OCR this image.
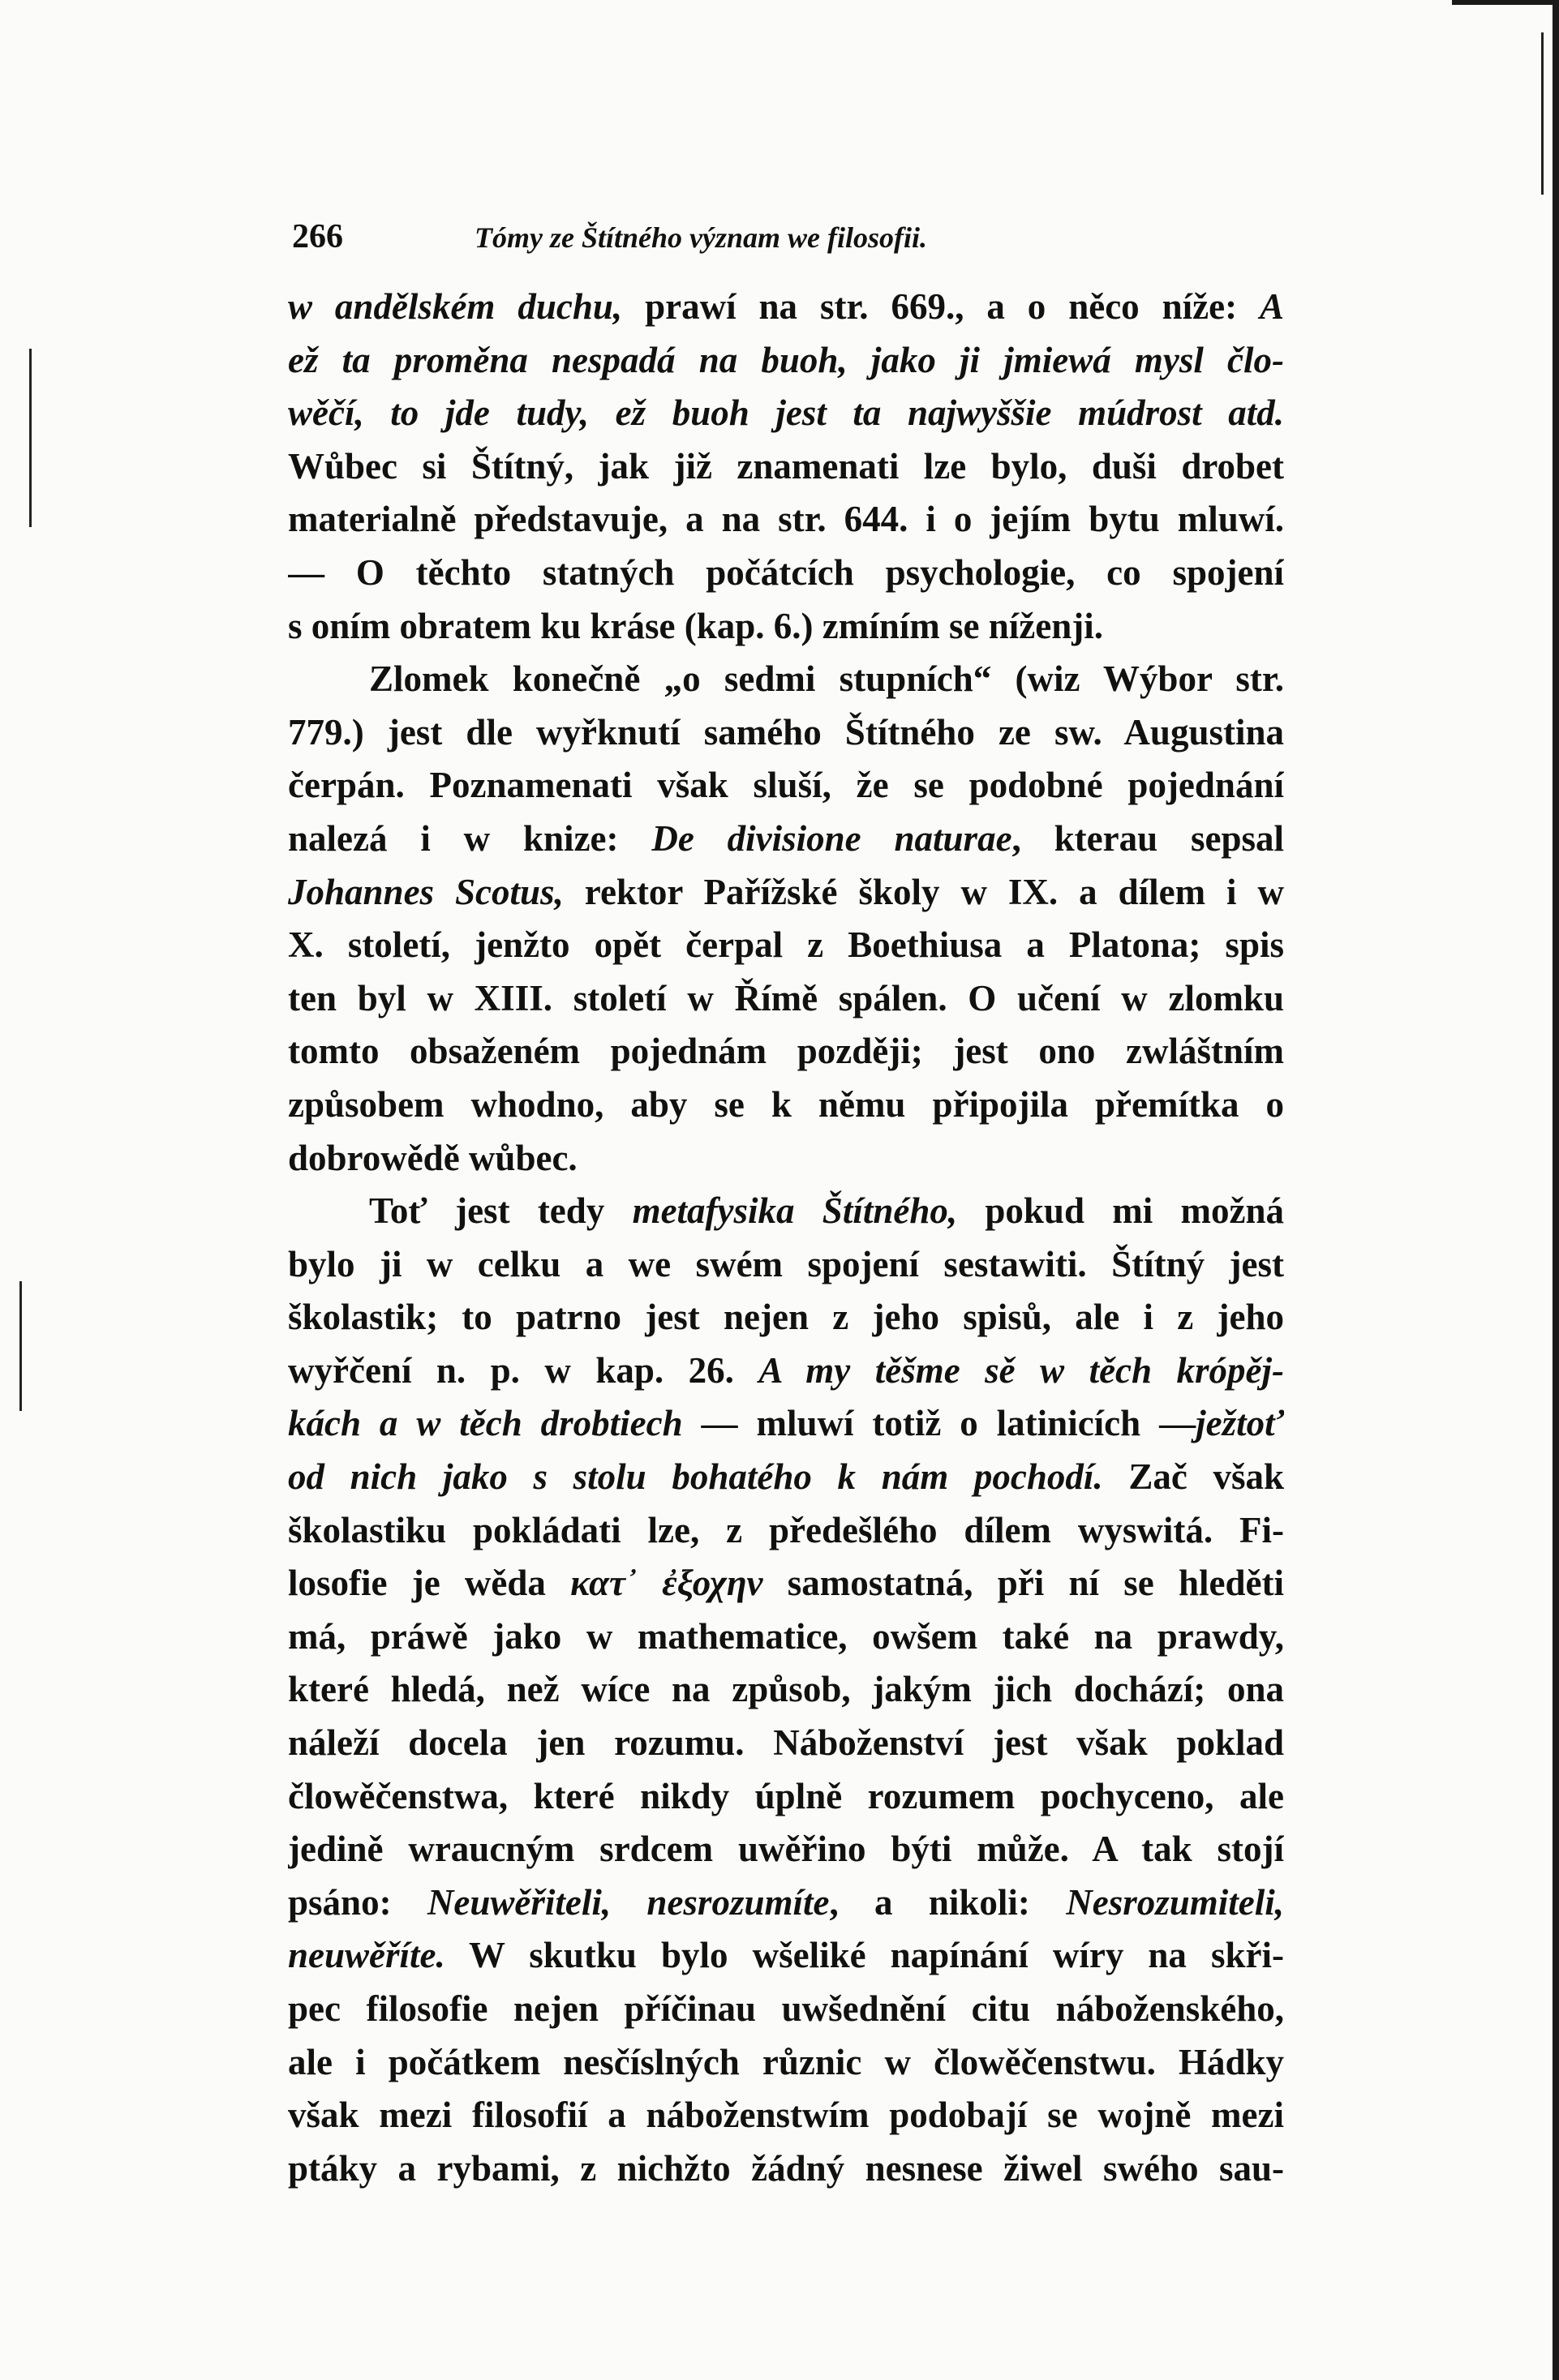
266	Tómy ze Štítného význam we filosofii.
w andělském duchu, prawí na str. 669., a o něco níže: A
ež ta proměna nespadá na buoh, jako ji jmiewá mysl člo-
wěčí, to jde tudy, ež buoh jest ta najwyššie múdrost atd.
Wůbec si Štítný, jak již znamenati lze bylo, duši drobet
materialně představuje, a na str. 644. i o jejím bytu mluwí.
— O těchto statných počátcích psychologie, co spojení
s oním obratem ku kráse (kap. 6.) zmíním se níženji.
Zlomek konečně „o sedmi stupních“ (wiz Wýbor str.
779.) jest dle wyřknutí samého Štítného ze sw. Augustina
čerpán. Poznamenati však sluší, že se podobné pojednání
nalezá i w knize: De divisione naturae, kterau sepsal
Johannes Scotus, rektor Pařížské školy w IX. a dílem i w
X. století, jenžto opět čerpal z Boethiusa a Platona; spis
ten byl w XIII. století w Římě spálen. O učení w zlomku
tomto obsaženém pojednám později; jest ono zwláštním
způsobem whodno, aby se k němu připojila přemítka o
dobrowědě wůbec.
Toť jest tedy metafysika Štítného, pokud mi možná
bylo ji w celku a we swém spojení sestawiti. Štítný jest
školastik; to patrno jest nejen z jeho spisů, ale i z jeho
wyřčení n. p. w kap. 26. A my těšme sě w těch krópěj-
kách a w těch drobtiech — mluwí totiž o latinicích —ježtoť
od nich jako s stolu bohatého k nám pochodí. Zač však
školastiku pokládati lze, z předešlého dílem wyswitá. Fi-
losofie je wěda κατ᾽ ἐξοχην samostatná, při ní se hleděti
má, práwě jako w mathematice, owšem také na prawdy,
které hledá, než wíce na způsob, jakým jich dochází; ona
náleží docela jen rozumu. Náboženství jest však poklad
člowěčenstwa, které nikdy úplně rozumem pochyceno, ale
jedině wraucným srdcem uwěřino býti může. A tak stojí
psáno: Neuwěřiteli, nesrozumíte, a nikoli: Nesrozumiteli,
neuwěříte. W skutku bylo wšeliké napínání wíry na skři-
pec filosofie nejen příčinau uwšednění citu náboženského,
ale i počátkem nesčíslných různic w člowěčenstwu. Hádky
však mezi filosofií a náboženstwím podobají se wojně mezi
ptáky a rybami, z nichžto žádný nesnese žiwel swého sau-
